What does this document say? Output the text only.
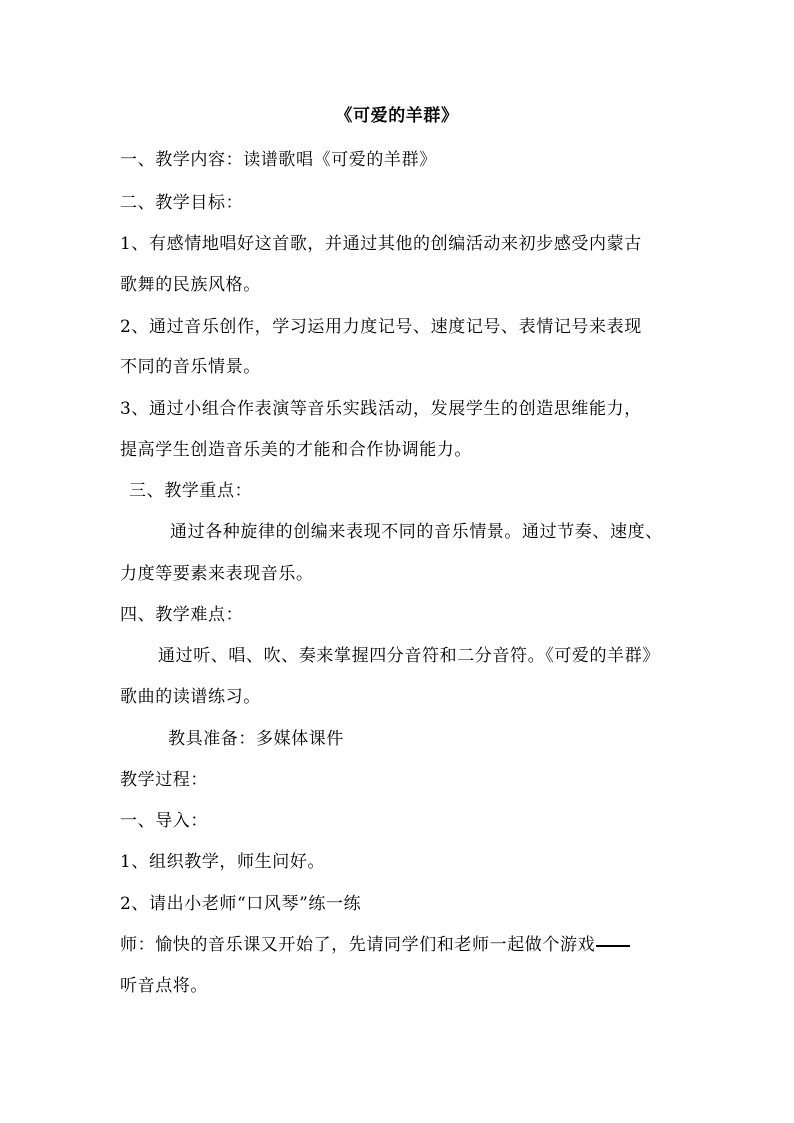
《可爱的羊群》
一、教学内容：读谱歌唱《可爱的羊群》
二、教学目标：
1、有感情地唱好这首歌，并通过其他的创编活动来初步感受内蒙古
歌舞的民族风格。
2、通过音乐创作，学习运用力度记号、速度记号、表情记号来表现
不同的音乐情景。
3、通过小组合作表演等音乐实践活动，发展学生的创造思维能力，
提高学生创造音乐美的才能和合作协调能力。
三、教学重点：
通过各种旋律的创编来表现不同的音乐情景。通过节奏、速度、
力度等要素来表现音乐。
四、教学难点：
通过听、唱、吹、奏来掌握四分音符和二分音符。《可爱的羊群》
歌曲的读谱练习。
教具准备：多媒体课件
教学过程：
一、导入：
1、组织教学，师生问好。
2、请出小老师“口风琴”练一练
师：愉快的音乐课又开始了，先请同学们和老师一起做个游戏
听音点将。
